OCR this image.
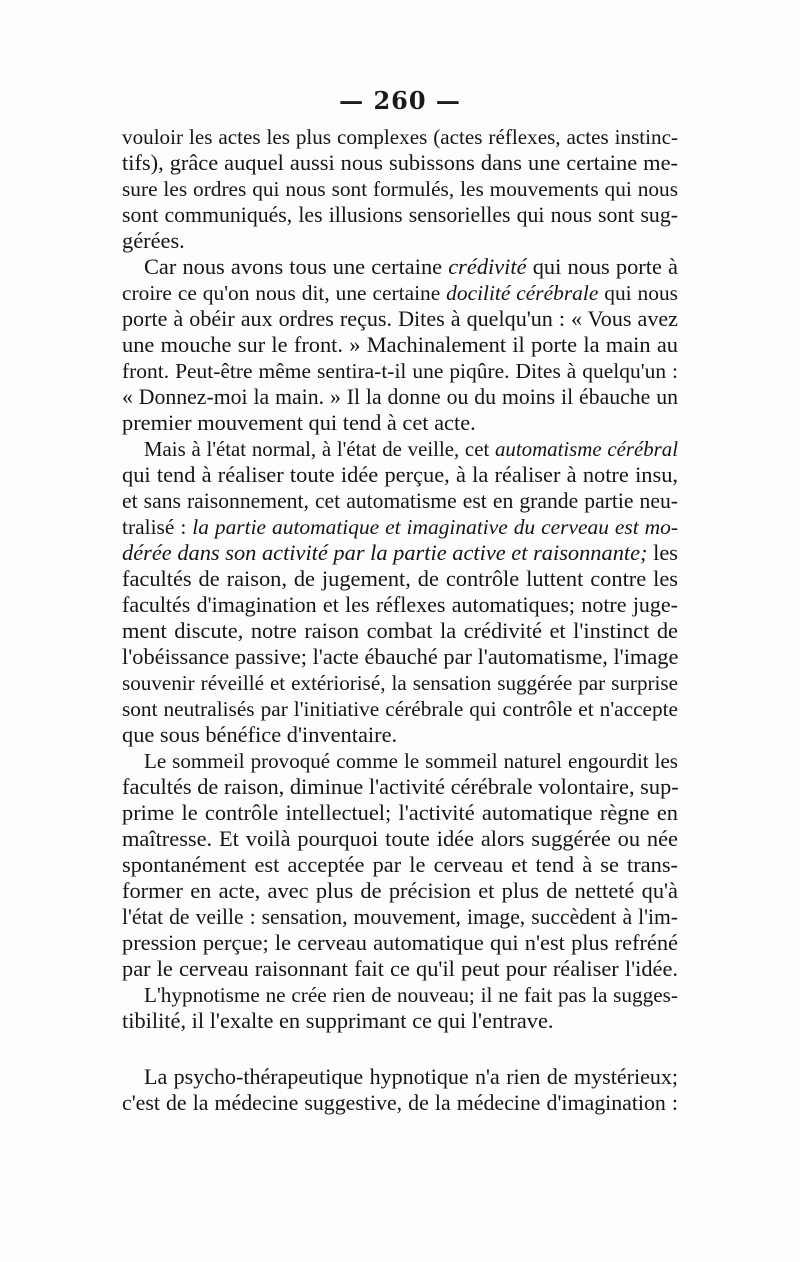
— 260 —
vouloir les actes les plus complexes (actes réflexes, actes instinc-
tifs), grâce auquel aussi nous subissons dans une certaine me-
sure les ordres qui nous sont formulés, les mouvements qui nous
sont communiqués, les illusions sensorielles qui nous sont sug-
gérées.
Car nous avons tous une certaine crédivité qui nous porte à
croire ce qu'on nous dit, une certaine docilité cérébrale qui nous
porte à obéir aux ordres reçus. Dites à quelqu'un : « Vous avez
une mouche sur le front. » Machinalement il porte la main au
front. Peut-être même sentira-t-il une piqûre. Dites à quelqu'un :
« Donnez-moi la main. » Il la donne ou du moins il ébauche un
premier mouvement qui tend à cet acte.
Mais à l'état normal, à l'état de veille, cet automatisme cérébral
qui tend à réaliser toute idée perçue, à la réaliser à notre insu,
et sans raisonnement, cet automatisme est en grande partie neu-
tralisé : la partie automatique et imaginative du cerveau est mo-
dérée dans son activité par la partie active et raisonnante; les
facultés de raison, de jugement, de contrôle luttent contre les
facultés d'imagination et les réflexes automatiques; notre juge-
ment discute, notre raison combat la crédivité et l'instinct de
l'obéissance passive; l'acte ébauché par l'automatisme, l'image
souvenir réveillé et extériorisé, la sensation suggérée par surprise
sont neutralisés par l'initiative cérébrale qui contrôle et n'accepte
que sous bénéfice d'inventaire.
Le sommeil provoqué comme le sommeil naturel engourdit les
facultés de raison, diminue l'activité cérébrale volontaire, sup-
prime le contrôle intellectuel; l'activité automatique règne en
maîtresse. Et voilà pourquoi toute idée alors suggérée ou née
spontanément est acceptée par le cerveau et tend à se trans-
former en acte, avec plus de précision et plus de netteté qu'à
l'état de veille : sensation, mouvement, image, succèdent à l'im-
pression perçue; le cerveau automatique qui n'est plus refréné
par le cerveau raisonnant fait ce qu'il peut pour réaliser l'idée.
L'hypnotisme ne crée rien de nouveau; il ne fait pas la sugges-
tibilité, il l'exalte en supprimant ce qui l'entrave.
La psycho-thérapeutique hypnotique n'a rien de mystérieux;
c'est de la médecine suggestive, de la médecine d'imagination :
